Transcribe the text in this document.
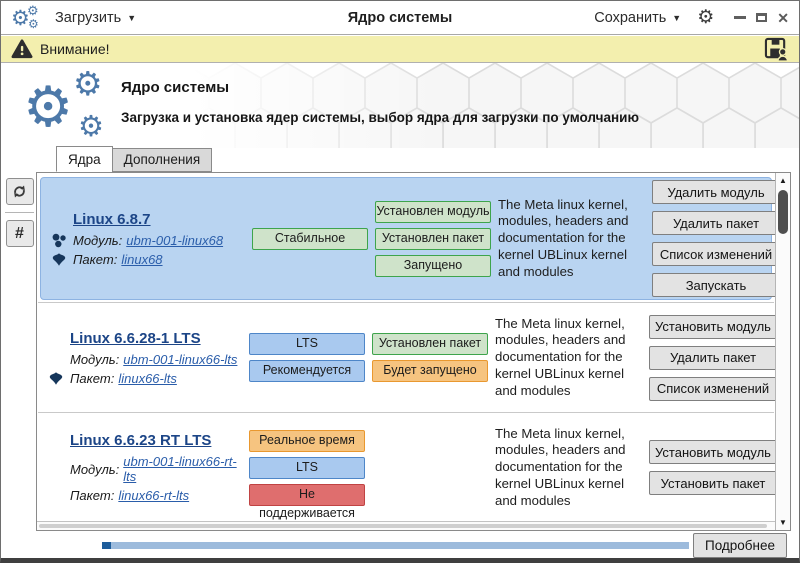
⚙
⚙
⚙ Загрузить ▼	Ядро системы	Сохранить ▼ ⚙	✕
Внимание!
⚙ ⚙
⚙
Ядро системы
Загрузка и установка ядер системы, выбор ядра для загрузки по умолчанию
Ядра	Дополнения
#
Linux 6.8.7
Модуль: ubm-001-linux68
Пакет: linux68
Стабильное
Установлен модуль
Установлен пакет
Запущено
The Meta linux kernel, modules, headers and documentation for the kernel UBLinux kernel and modules
Удалить модуль
Удалить пакет
Список изменений
Запускать
Linux 6.6.28-1 LTS
Модуль: ubm-001-linux66-lts
Пакет: linux66-lts
LTS
Рекомендуется
Установлен пакет
Будет запущено
The Meta linux kernel, modules, headers and documentation for the kernel UBLinux kernel and modules
Установить модуль
Удалить пакет
Список изменений
Linux 6.6.23 RT LTS
Модуль: ubm-001-linux66-rt-lts
Пакет: linux66-rt-lts
Реальное время
LTS
Не поддерживается
The Meta linux kernel, modules, headers and documentation for the kernel UBLinux kernel and modules
Установить модуль
Установить пакет
▲
▼
Подробнее
